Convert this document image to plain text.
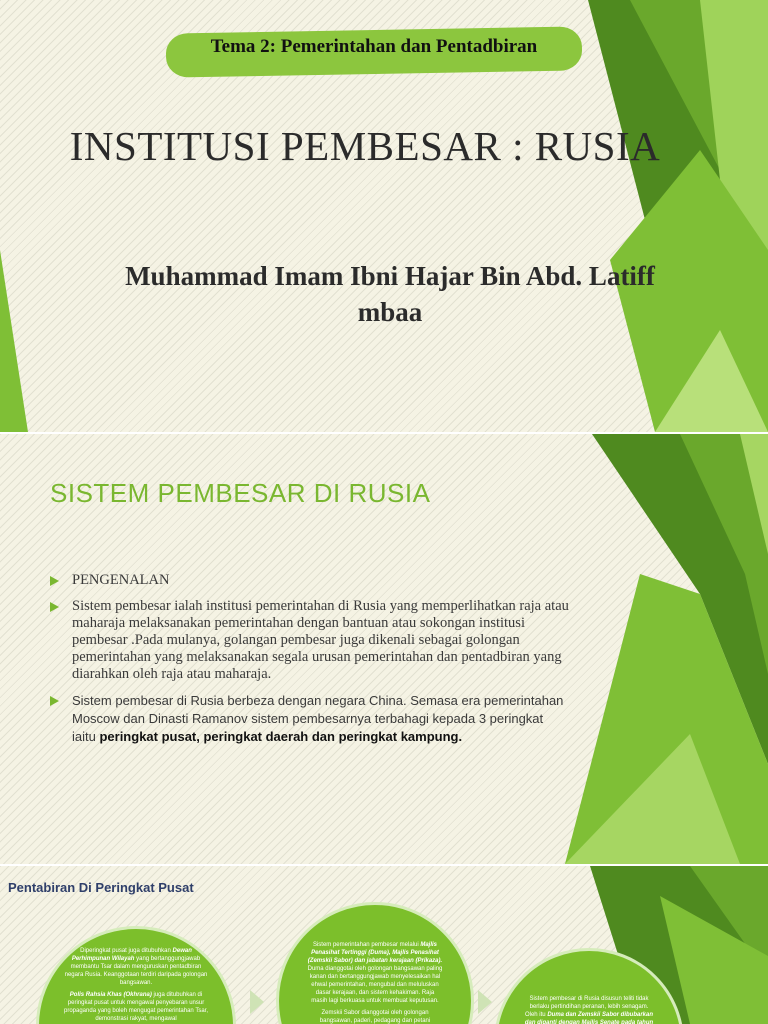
Tema 2: Pemerintahan dan Pentadbiran
INSTITUSI PEMBESAR : RUSIA
Muhammad Imam Ibni Hajar Bin Abd. Latiff
mbaa
SISTEM PEMBESAR DI RUSIA
PENGENALAN
Sistem pembesar ialah institusi pemerintahan di Rusia yang memperlihatkan raja atau maharaja melaksanakan pemerintahan dengan bantuan atau sokongan institusi pembesar .Pada mulanya, golangan pembesar juga dikenali sebagai golongan pemerintahan yang melaksanakan segala urusan pemerintahan dan pentadbiran yang diarahkan oleh raja atau maharaja.
Sistem pembesar di Rusia berbeza dengan negara China. Semasa era pemerintahan Moscow dan Dinasti Ramanov sistem pembesarnya terbahagi kepada 3 peringkat iaitu peringkat pusat, peringkat daerah dan peringkat kampung.
Pentabiran Di Peringkat Pusat

Diperingkat pusat juga ditubuhkan Dewan Perhimpunan Wilayah yang bertanggungjawab membantu Tsar dalam menguruskan pentadbiran negara Rusia. Keanggotaan terdiri daripada golongan bangsawan.

Polis Rahsia Khas (Okhrana) juga ditubuhkan di peringkat pusat untuk mengawal penyebaran unsur propaganda yang boleh mengugat pemerintahan Tsar, demonstrasi rakyat, mengawal

Sistem pemerintahan pembesar melalui Majlis Penasihat Tertinggi (Duma), Majlis Penasihat (Zemskii Sabor) dan jabatan kerajaan (Prikaza). Duma dianggotai oleh golongan bangsawan paling kanan dan bertanggungjawab menyelesaikan hal ehwal pemerintahan, mengubal dan meluluskan dasar kerajaan, dan sistem kehakiman. Raja masih lagi berkuasa untuk membuat keputusan.

Zemskii Sabor dianggotai oleh golongan bangsawan, paderi, pedagang dan petani

Sistem pembesar di Rusia disusun teliti tidak berlaku pertindihan peranan, lebih senagam. Oleh itu Duma dan Zemskii Sabor dibubarkan dan diganti dengan Majlis Senate pada tahun
